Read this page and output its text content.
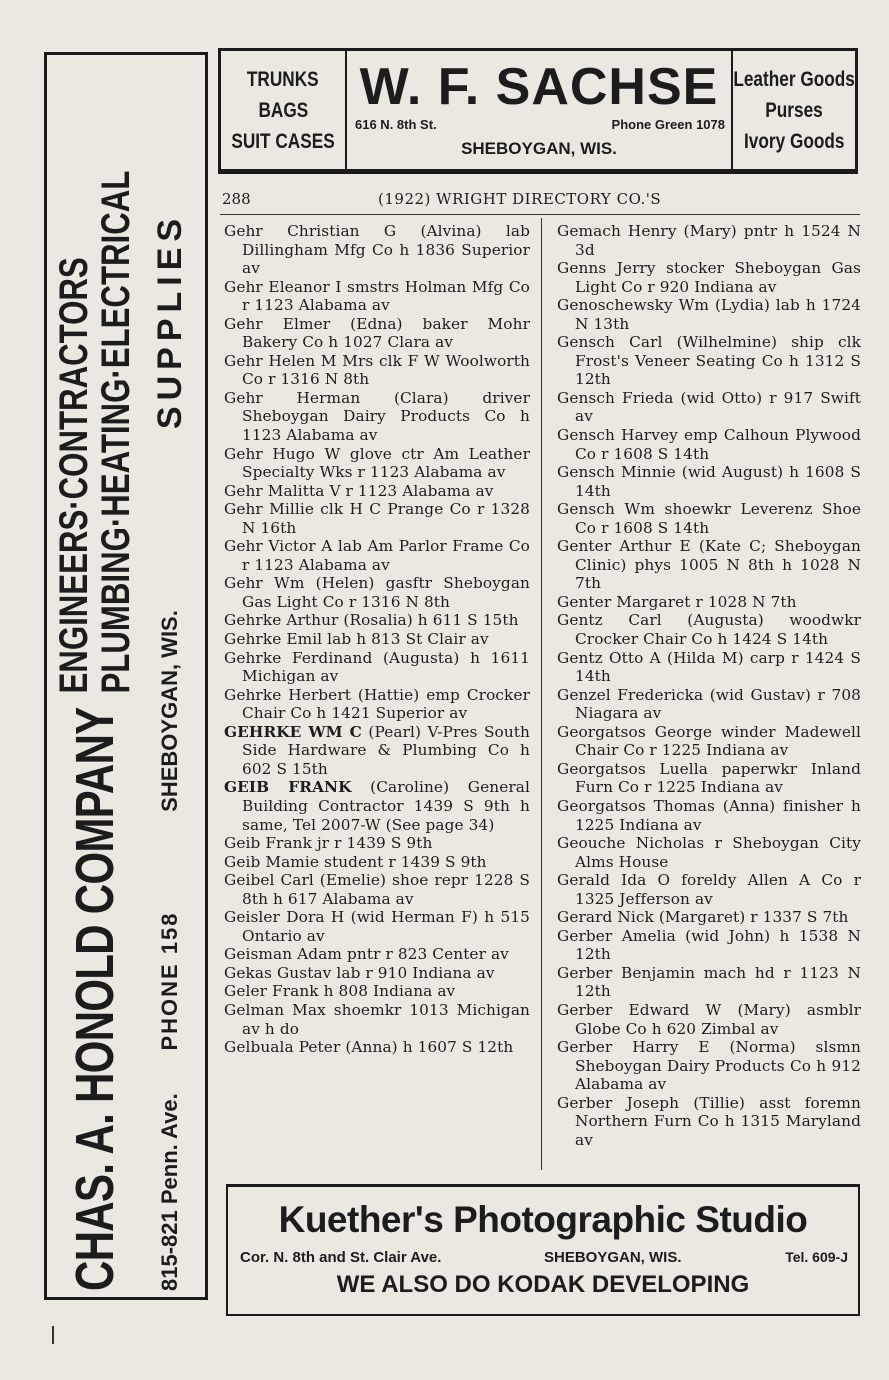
CHAS. A. HONOLD COMPANY
ENGINEERS·CONTRACTORS
PLUMBING·HEATING·ELECTRICAL
815-821 Penn. Ave.
PHONE 158
SHEBOYGAN, WIS.
SUPPLIES
TRUNKS
BAGS
SUIT CASES
W. F. SACHSE
616 N. 8th St.	Phone Green 1078
SHEBOYGAN, WIS.
Leather Goods
Purses
Ivory Goods
288	(1922) WRIGHT DIRECTORY CO.'S

Gehr Christian G (Alvina) lab Dillingham Mfg Co h 1836 Superior av

Gehr Eleanor I smstrs Holman Mfg Co r 1123 Alabama av

Gehr Elmer (Edna) baker Mohr Bakery Co h 1027 Clara av

Gehr Helen M Mrs clk F W Woolworth Co r 1316 N 8th

Gehr Herman (Clara) driver Sheboygan Dairy Products Co h 1123 Alabama av

Gehr Hugo W glove ctr Am Leather Specialty Wks r 1123 Alabama av

Gehr Malitta V r 1123 Alabama av

Gehr Millie clk H C Prange Co r 1328 N 16th

Gehr Victor A lab Am Parlor Frame Co r 1123 Alabama av

Gehr Wm (Helen) gasftr Sheboygan Gas Light Co r 1316 N 8th

Gehrke Arthur (Rosalia) h 611 S 15th

Gehrke Emil lab h 813 St Clair av

Gehrke Ferdinand (Augusta) h 1611 Michigan av

Gehrke Herbert (Hattie) emp Crocker Chair Co h 1421 Superior av

GEHRKE WM C (Pearl) V-Pres South Side Hardware & Plumbing Co h 602 S 15th

GEIB FRANK (Caroline) General Building Contractor 1439 S 9th h same, Tel 2007-W (See page 34)

Geib Frank jr r 1439 S 9th

Geib Mamie student r 1439 S 9th

Geibel Carl (Emelie) shoe repr 1228 S 8th h 617 Alabama av

Geisler Dora H (wid Herman F) h 515 Ontario av

Geisman Adam pntr r 823 Center av

Gekas Gustav lab r 910 Indiana av

Geler Frank h 808 Indiana av

Gelman Max shoemkr 1013 Michigan av h do

Gelbuala Peter (Anna) h 1607 S 12th

Gemach Henry (Mary) pntr h 1524 N 3d

Genns Jerry stocker Sheboygan Gas Light Co r 920 Indiana av

Genoschewsky Wm (Lydia) lab h 1724 N 13th

Gensch Carl (Wilhelmine) ship clk Frost's Veneer Seating Co h 1312 S 12th

Gensch Frieda (wid Otto) r 917 Swift av

Gensch Harvey emp Calhoun Plywood Co r 1608 S 14th

Gensch Minnie (wid August) h 1608 S 14th

Gensch Wm shoewkr Leverenz Shoe Co r 1608 S 14th

Genter Arthur E (Kate C; Sheboygan Clinic) phys 1005 N 8th h 1028 N 7th

Genter Margaret r 1028 N 7th

Gentz Carl (Augusta) woodwkr Crocker Chair Co h 1424 S 14th

Gentz Otto A (Hilda M) carp r 1424 S 14th

Genzel Fredericka (wid Gustav) r 708 Niagara av

Georgatsos George winder Madewell Chair Co r 1225 Indiana av

Georgatsos Luella paperwkr Inland Furn Co r 1225 Indiana av

Georgatsos Thomas (Anna) finisher h 1225 Indiana av

Geouche Nicholas r Sheboygan City Alms House

Gerald Ida O foreldy Allen A Co r 1325 Jefferson av

Gerard Nick (Margaret) r 1337 S 7th

Gerber Amelia (wid John) h 1538 N 12th

Gerber Benjamin mach hd r 1123 N 12th

Gerber Edward W (Mary) asmblr Globe Co h 620 Zimbal av

Gerber Harry E (Norma) slsmn Sheboygan Dairy Products Co h 912 Alabama av

Gerber Joseph (Tillie) asst foremn Northern Furn Co h 1315 Maryland av

Kuether's Photographic Studio
Cor. N. 8th and St. Clair Ave.	SHEBOYGAN, WIS.	Tel. 609-J
WE ALSO DO KODAK DEVELOPING
